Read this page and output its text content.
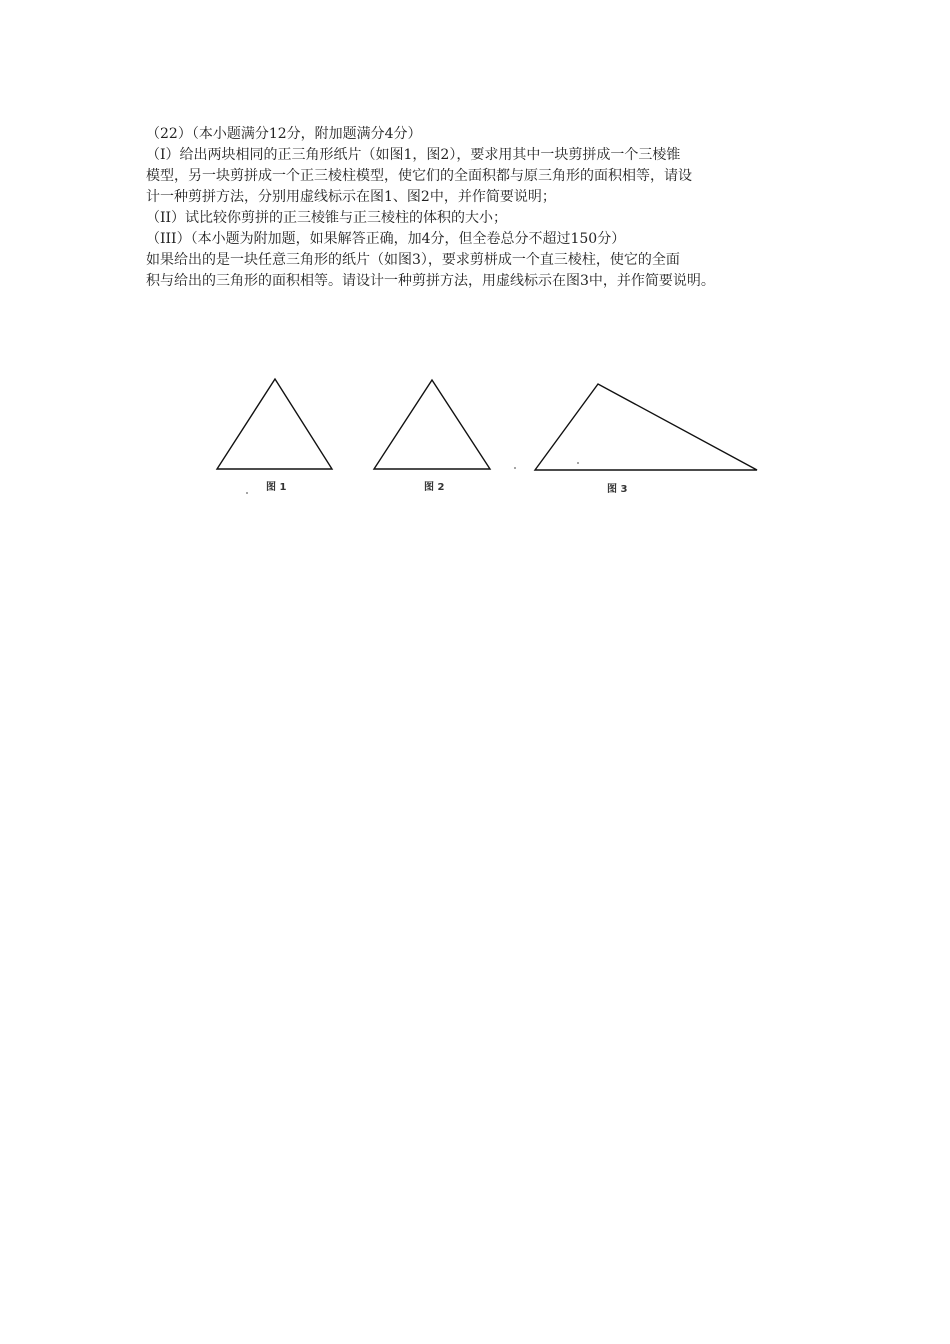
（22）（本小题满分12分，附加题满分4分）
（I）给出两块相同的正三角形纸片（如图1，图2），要求用其中一块剪拼成一个三棱锥
模型，另一块剪拼成一个正三棱柱模型，使它们的全面积都与原三角形的面积相等，请设
计一种剪拼方法，分别用虚线标示在图1、图2中，并作简要说明；
（II）试比较你剪拼的正三棱锥与正三棱柱的体积的大小；
（III）（本小题为附加题，如果解答正确，加4分，但全卷总分不超过150分）
如果给出的是一块任意三角形的纸片（如图3），要求剪栟成一个直三棱柱，使它的全面
积与给出的三角形的面积相等。请设计一种剪拼方法，用虚线标示在图3中，并作简要说明。
图 1	图 2	图 3
